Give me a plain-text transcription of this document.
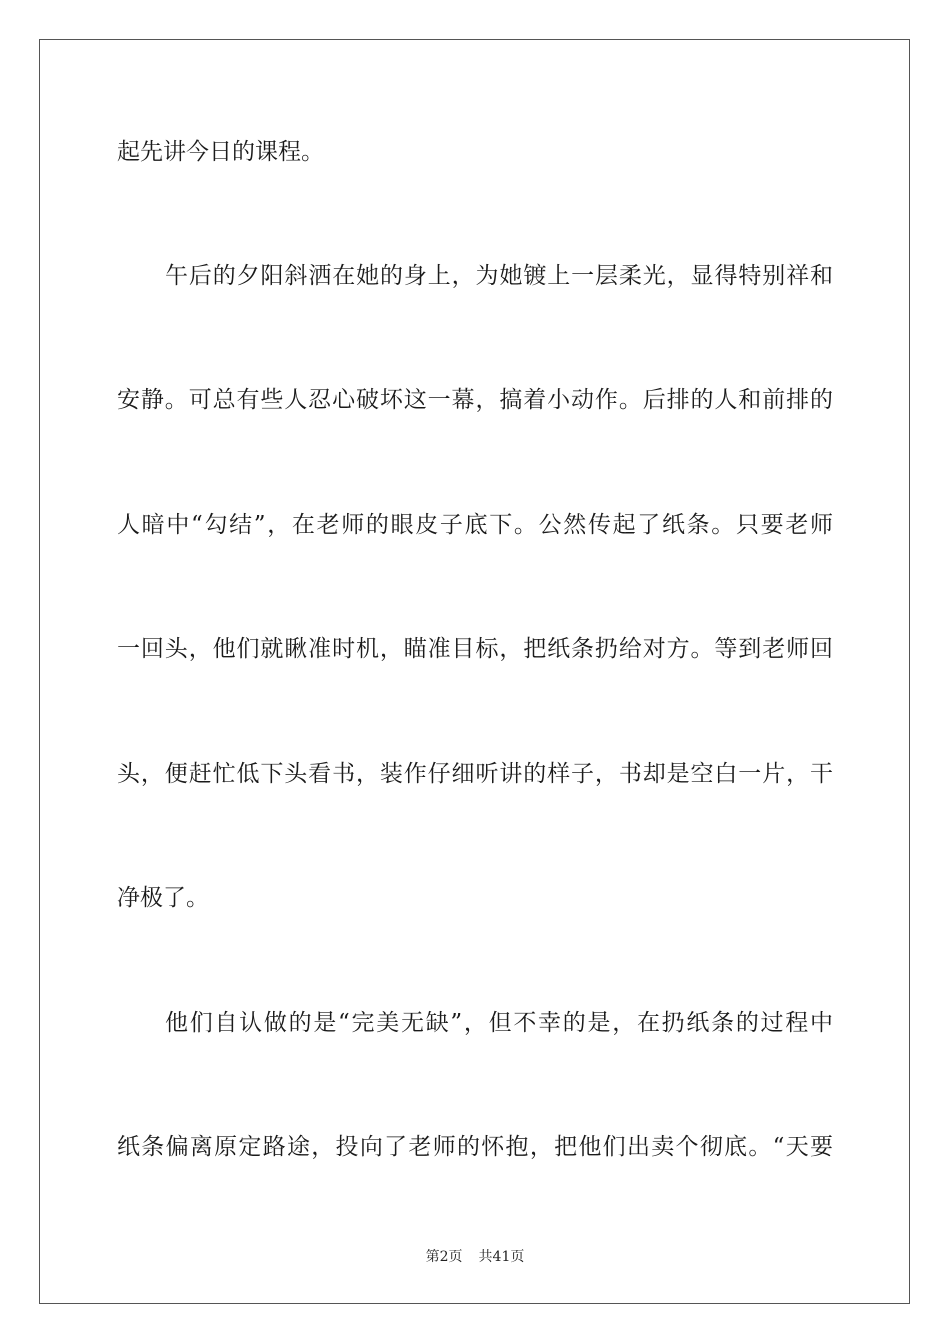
起先讲今日的课程。

午后的夕阳斜洒在她的身上，为她镀上一层柔光，显得特别祥和

安静。可总有些人忍心破坏这一幕，搞着小动作。后排的人和前排的

人暗中“勾结”，在老师的眼皮子底下。公然传起了纸条。只要老师

一回头，他们就瞅准时机，瞄准目标，把纸条扔给对方。等到老师回

头，便赶忙低下头看书，装作仔细听讲的样子，书却是空白一片，干

净极了。

他们自认做的是“完美无缺”，但不幸的是，在扔纸条的过程中

纸条偏离原定路途，投向了老师的怀抱，把他们出卖个彻底。“天要

第2页 共41页
